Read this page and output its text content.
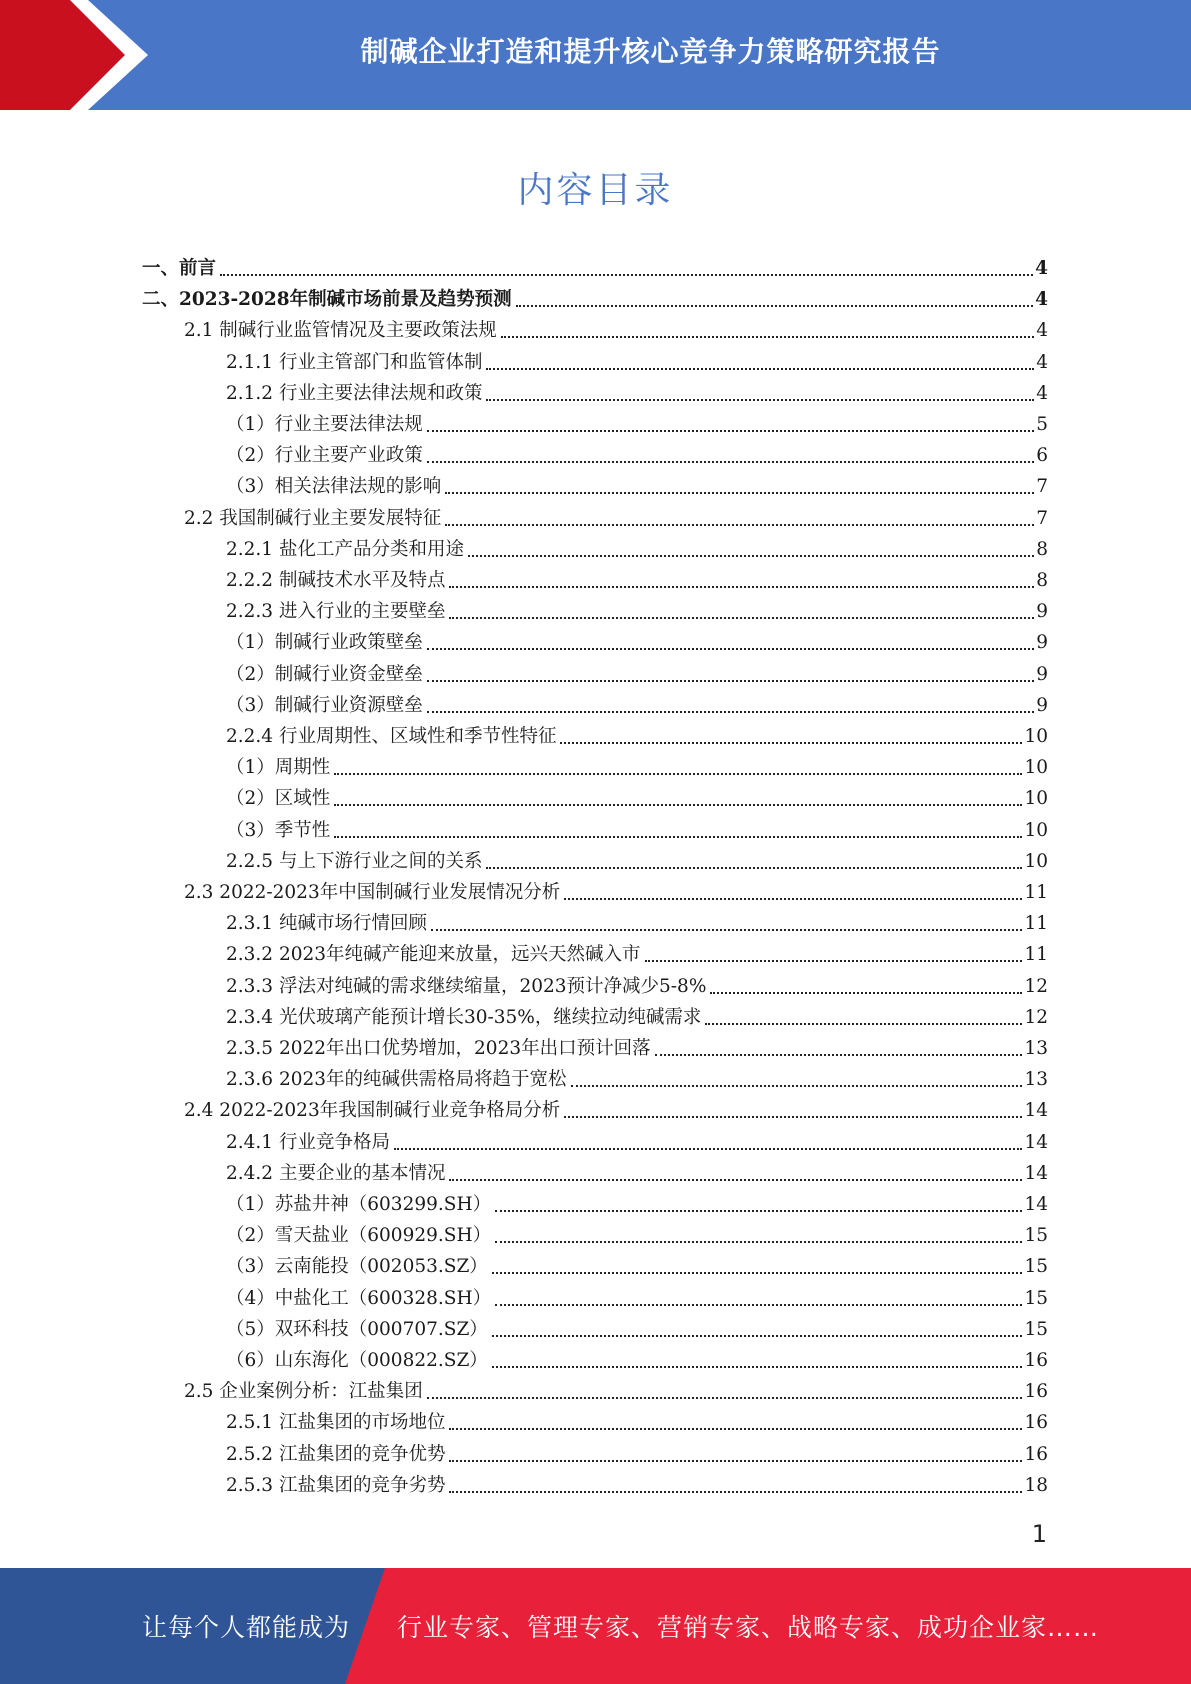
制碱企业打造和提升核心竞争力策略研究报告
内容目录
一、前言	4
二、2023-2028年制碱市场前景及趋势预测	4
2.1 制碱行业监管情况及主要政策法规	4
2.1.1 行业主管部门和监管体制	4
2.1.2 行业主要法律法规和政策	4
（1）行业主要法律法规	5
（2）行业主要产业政策	6
（3）相关法律法规的影响	7
2.2 我国制碱行业主要发展特征	7
2.2.1 盐化工产品分类和用途	8
2.2.2 制碱技术水平及特点	8
2.2.3 进入行业的主要壁垒	9
（1）制碱行业政策壁垒	9
（2）制碱行业资金壁垒	9
（3）制碱行业资源壁垒	9
2.2.4 行业周期性、区域性和季节性特征	10
（1）周期性	10
（2）区域性	10
（3）季节性	10
2.2.5 与上下游行业之间的关系	10
2.3 2022-2023年中国制碱行业发展情况分析	11
2.3.1 纯碱市场行情回顾	11
2.3.2 2023年纯碱产能迎来放量，远兴天然碱入市	11
2.3.3 浮法对纯碱的需求继续缩量，2023预计净减少5-8%	12
2.3.4 光伏玻璃产能预计增长30-35%，继续拉动纯碱需求	12
2.3.5 2022年出口优势增加，2023年出口预计回落	13
2.3.6 2023年的纯碱供需格局将趋于宽松	13
2.4 2022-2023年我国制碱行业竞争格局分析	14
2.4.1 行业竞争格局	14
2.4.2 主要企业的基本情况	14
（1）苏盐井神（603299.SH）	14
（2）雪天盐业（600929.SH）	15
（3）云南能投（002053.SZ）	15
（4）中盐化工（600328.SH）	15
（5）双环科技（000707.SZ）	15
（6）山东海化（000822.SZ）	16
2.5 企业案例分析：江盐集团	16
2.5.1 江盐集团的市场地位	16
2.5.2 江盐集团的竞争优势	16
2.5.3 江盐集团的竞争劣势	18
1
让每个人都能成为 行业专家、管理专家、营销专家、战略专家、成功企业家……
